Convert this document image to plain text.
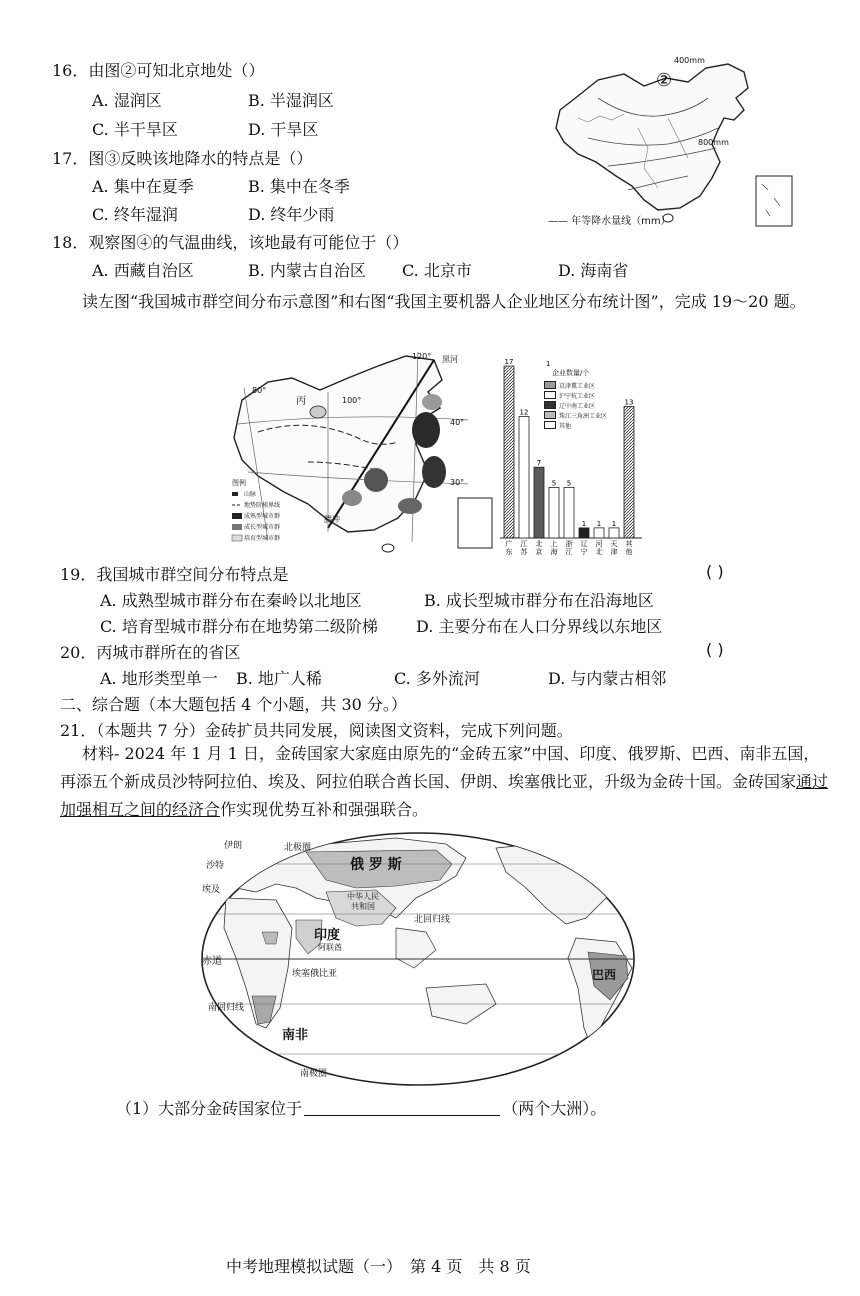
16．由图②可知北京地处（）
A. 湿润区	B. 半湿润区
C. 半干旱区	D. 干旱区
17．图③反映该地降水的特点是（）
A. 集中在夏季	B. 集中在冬季
C. 终年湿润	D. 终年少雨
18．观察图④的气温曲线，该地最有可能位于（）
A. 西藏自治区	B. 内蒙古自治区 C. 北京市	D. 海南省
②
400mm
800mm
—— 年等降水量线（mm）
读左图“我国城市群空间分布示意图”和右图“我国主要机器人企业地区分布统计图”，完成 19～20 题。
120° 黑河
80°
丙	100°
40°
30°
腾冲
图例
山脉
地势阶梯界线
成熟型城市群
成长型城市群
培育型城市群
17
广
东
12
江
苏
7
北
京
5
上
海
5
浙
江
1
辽
宁
1
河
北
1
天
津
13
其
他
1
企业数量/个
京津冀工业区
沪宁杭工业区
辽中南工业区
珠江三角洲工业区
其他
19．我国城市群空间分布特点是	( )
A. 成熟型城市群分布在秦岭以北地区	B. 成长型城市群分布在沿海地区
C. 培育型城市群分布在地势第二级阶梯 D. 主要分布在人口分界线以东地区
20．丙城市群所在的省区	( )
A. 地形类型单一 B. 地广人稀	C. 多外流河	D. 与内蒙古相邻
二、综合题（本大题包括 4 个小题，共 30 分。）
21．（本题共 7 分）金砖扩员共同发展，阅读图文资料，完成下列问题。
材料- 2024 年 1 月 1 日，金砖国家大家庭由原先的“金砖五家”中国、印度、俄罗斯、巴西、南非五国，再添五个新成员沙特阿拉伯、埃及、阿拉伯联合酋长国、伊朗、埃塞俄比亚，升级为金砖十国。金砖国家通过加强相互之间的经济合作实现优势互补和强强联合。
伊朗
沙特
埃及
北极圈
俄 罗 斯
中华人民共和国
北回归线
印度
阿联酋
赤道
埃塞俄比亚
南回归线
南非
巴西
南极圈
（1）大部分金砖国家位于	（两个大洲）。
中考地理模拟试题（一）　第 4 页　共 8 页
